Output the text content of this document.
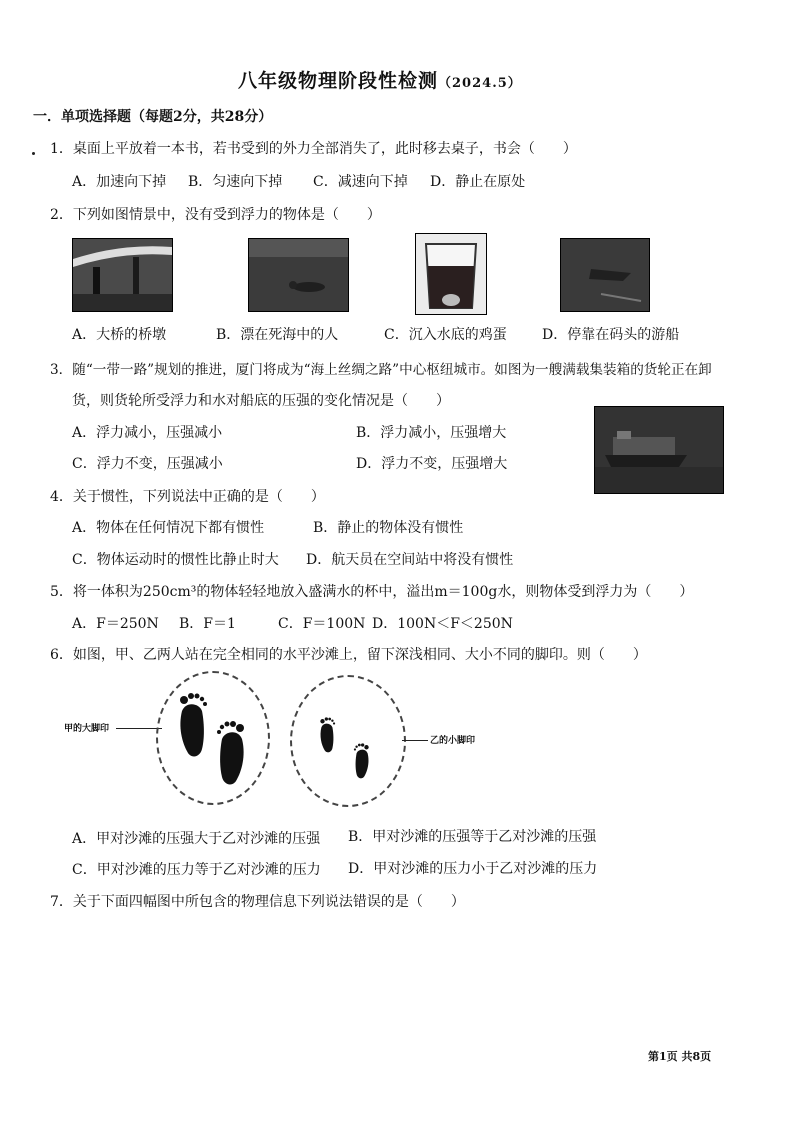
八年级物理阶段性检测（2024.5）
一．单项选择题（每题2分，共28分）
1．桌面上平放着一本书，若书受到的外力全部消失了，此时移去桌子，书会（　　）
A．加速向下掉 B．匀速向下掉 C．减速向下掉 D．静止在原处
2．下列如图情景中，没有受到浮力的物体是（　　）
A．大桥的桥墩	B．漂在死海中的人	C．沉入水底的鸡蛋	D．停靠在码头的游船
3．随“一带一路”规划的推进，厦门将成为“海上丝绸之路”中心枢纽城市。如图为一艘满载集装箱的货轮正在卸
货，则货轮所受浮力和水对船底的压强的变化情况是（　　）
A．浮力减小，压强减小	B．浮力减小，压强增大
C．浮力不变，压强减小	D．浮力不变，压强增大
4．关于惯性，下列说法中正确的是（　　）
A．物体在任何情况下都有惯性	B．静止的物体没有惯性
C．物体运动时的惯性比静止时大 D．航天员在空间站中将没有惯性
5．将一体积为250cm³的物体轻轻地放入盛满水的杯中，溢出m＝100g水，则物体受到浮力为（　　）
A．F＝250N B．F＝1	C．F＝100N D．100N＜F＜250N
6．如图，甲、乙两人站在完全相同的水平沙滩上，留下深浅相同、大小不同的脚印。则（　　）
甲的大脚印
乙的小脚印
A．甲对沙滩的压强大于乙对沙滩的压强 B．甲对沙滩的压强等于乙对沙滩的压强
C．甲对沙滩的压力等于乙对沙滩的压力 D．甲对沙滩的压力小于乙对沙滩的压力
7．关于下面四幅图中所包含的物理信息下列说法错误的是（　　）
第1页 共8页
